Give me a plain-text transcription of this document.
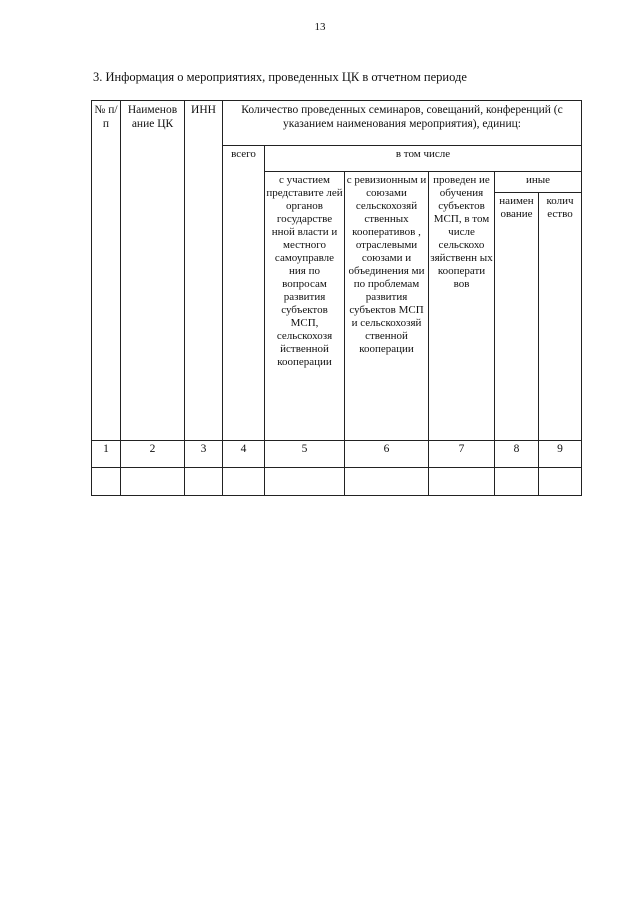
13
3. Информация о мероприятиях, проведенных ЦК в отчетном периоде
№ п/п	Наименов ание ЦК	ИНН	Количество проведенных семинаров, совещаний, конференций (с указанием наименования мероприятия), единиц:					
			всего	в том числе				
				с участием представите лей органов государстве нной власти и местного самоуправле ния по вопросам развития субъектов МСП, сельскохозя йственной кооперации	с ревизионным и союзами сельскохозяй ственных кооперативов , отраслевыми союзами и объединения ми по проблемам развития субъектов МСП и сельскохозяй ственной кооперации	проведен ие обучения субъектов МСП, в том числе сельскохо зяйственн ых кооперати вов	иные	
							наимен ование	колич ество
1	2	3	4	5	6	7	8	9
